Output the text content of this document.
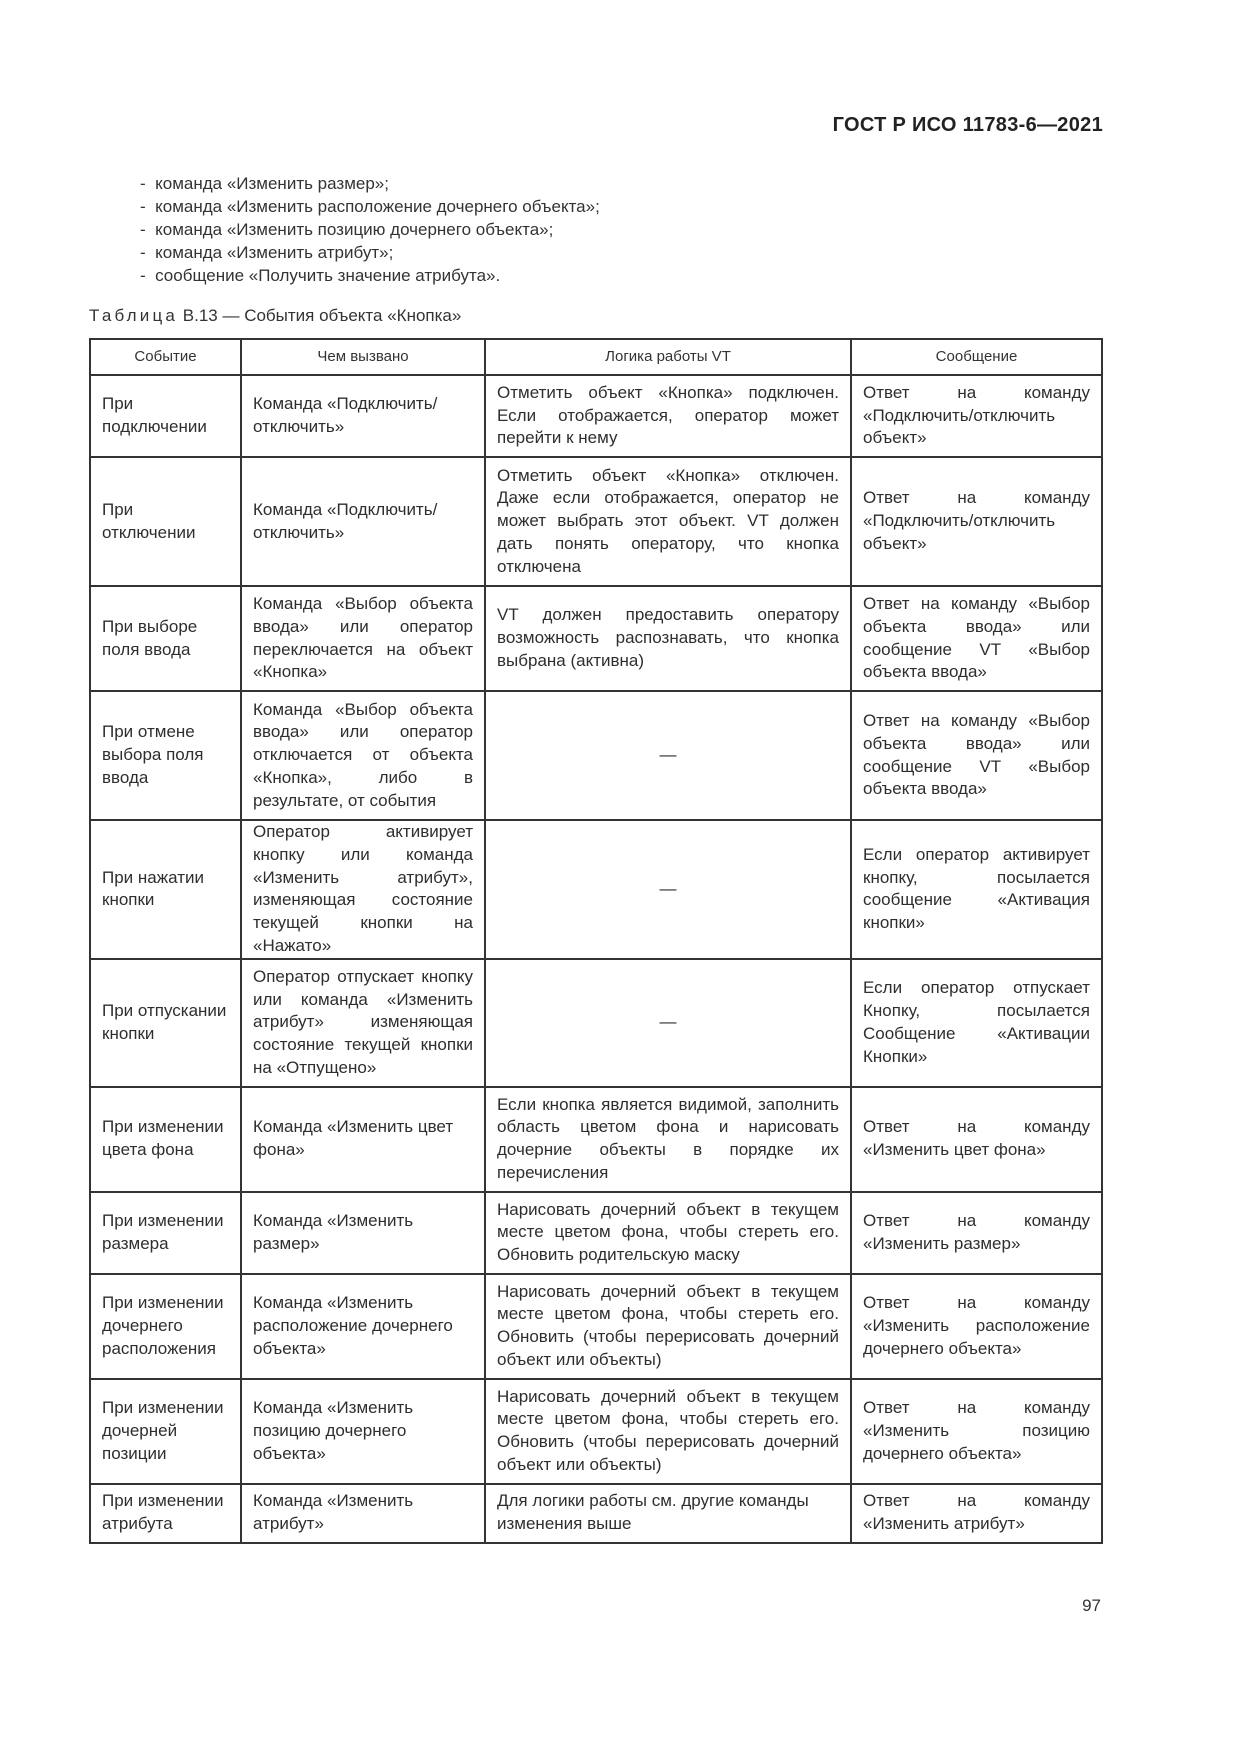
ГОСТ Р ИСО 11783-6—2021
-  команда «Изменить размер»;
-  команда «Изменить расположение дочернего объекта»;
-  команда «Изменить позицию дочернего объекта»;
-  команда «Изменить атрибут»;
-  сообщение «Получить значение атрибута».
Таблица В.13 — События объекта «Кнопка»
Событие	Чем вызвано	Логика работы VT	Сообщение
При подключении	Команда «Подключить/ отключить»	Отметить объект «Кнопка» подключен. Если отображается, оператор может перейти к нему	Ответ на команду «Подключить/отключить объект»
При отключении	Команда «Подключить/ отключить»	Отметить объект «Кнопка» отключен. Даже если отображается, оператор не может выбрать этот объект. VT должен дать понять оператору, что кнопка отключена	Ответ на команду «Подключить/отключить объект»
При выборе поля ввода	Команда «Выбор объекта ввода» или оператор переключается на объект «Кнопка»	VT должен предоставить оператору возможность распознавать, что кнопка выбрана (активна)	Ответ на команду «Выбор объекта ввода» или сообщение VT «Выбор объекта ввода»
При отмене выбора поля ввода	Команда «Выбор объекта ввода» или оператор отключается от объекта «Кнопка», либо в результате, от события	—	Ответ на команду «Выбор объекта ввода» или сообщение VT «Выбор объекта ввода»
При нажатии кнопки	Оператор активирует кнопку или команда «Изменить атрибут», изменяющая состояние текущей кнопки на «Нажато»	—	Если оператор активирует кнопку, посылается сообщение «Активация кнопки»
При отпускании кнопки	Оператор отпускает кнопку или команда «Изменить атрибут» изменяющая состояние текущей кнопки на «Отпущено»	—	Если оператор отпускает Кнопку, посылается Сообщение «Активации Кнопки»
При изменении цвета фона	Команда «Изменить цвет фона»	Если кнопка является видимой, заполнить область цветом фона и нарисовать дочерние объекты в порядке их перечисления	Ответ на команду «Изменить цвет фона»
При изменении размера	Команда «Изменить размер»	Нарисовать дочерний объект в текущем месте цветом фона, чтобы стереть его. Обновить родительскую маску	Ответ на команду «Изменить размер»
При изменении дочернего расположения	Команда «Изменить расположение дочернего объекта»	Нарисовать дочерний объект в текущем месте цветом фона, чтобы стереть его. Обновить (чтобы перерисовать дочерний объект или объекты)	Ответ на команду «Изменить расположение дочернего объекта»
При изменении дочерней позиции	Команда «Изменить позицию дочернего объекта»	Нарисовать дочерний объект в текущем месте цветом фона, чтобы стереть его. Обновить (чтобы перерисовать дочерний объект или объекты)	Ответ на команду «Изменить позицию дочернего объекта»
При изменении атрибута	Команда «Изменить атрибут»	Для логики работы см. другие команды изменения выше	Ответ на команду «Изменить атрибут»
97
